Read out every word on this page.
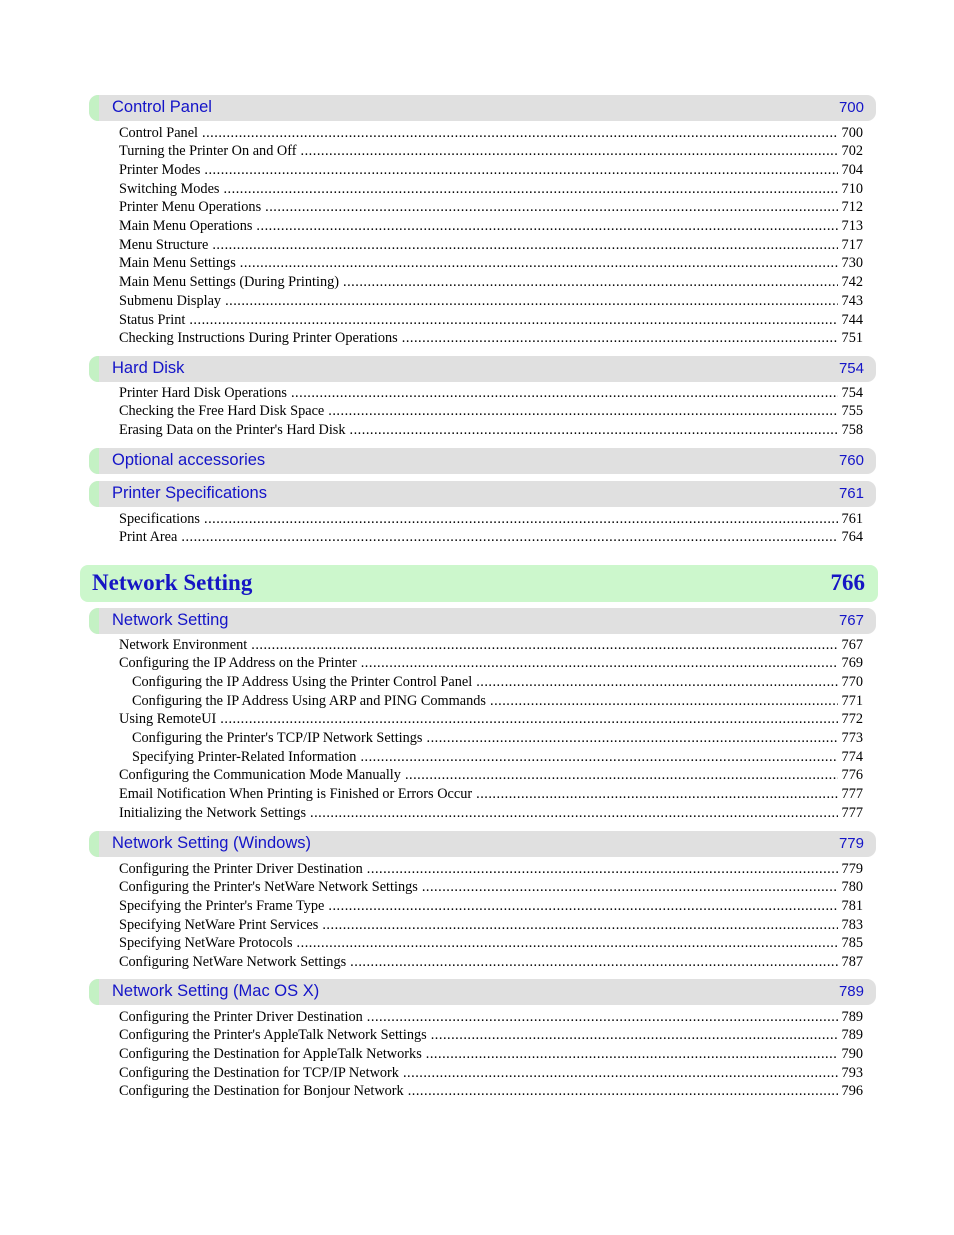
Control Panel	700
Control Panel .....	700
Turning the Printer On and Off .....	702
Printer Modes .....	704
Switching Modes .....	710
Printer Menu Operations .....	712
Main Menu Operations .....	713
Menu Structure .....	717
Main Menu Settings .....	730
Main Menu Settings (During Printing) .....	742
Submenu Display .....	743
Status Print .....	744
Checking Instructions During Printer Operations .....	751
Hard Disk	754
Printer Hard Disk Operations .....	754
Checking the Free Hard Disk Space .....	755
Erasing Data on the Printer's Hard Disk .....	758
Optional accessories	760
Printer Specifications	761
Specifications .....	761
Print Area .....	764
Network Setting	766
Network Setting	767
Network Environment .....	767
Configuring the IP Address on the Printer .....	769
Configuring the IP Address Using the Printer Control Panel .....	770
Configuring the IP Address Using ARP and PING Commands .....	771
Using RemoteUI .....	772
Configuring the Printer's TCP/IP Network Settings .....	773
Specifying Printer-Related Information .....	774
Configuring the Communication Mode Manually .....	776
Email Notification When Printing is Finished or Errors Occur .....	777
Initializing the Network Settings .....	777
Network Setting (Windows)	779
Configuring the Printer Driver Destination .....	779
Configuring the Printer's NetWare Network Settings .....	780
Specifying the Printer's Frame Type .....	781
Specifying NetWare Print Services .....	783
Specifying NetWare Protocols .....	785
Configuring NetWare Network Settings .....	787
Network Setting (Mac OS X)	789
Configuring the Printer Driver Destination .....	789
Configuring the Printer's AppleTalk Network Settings .....	789
Configuring the Destination for AppleTalk Networks .....	790
Configuring the Destination for TCP/IP Network .....	793
Configuring the Destination for Bonjour Network .....	796
